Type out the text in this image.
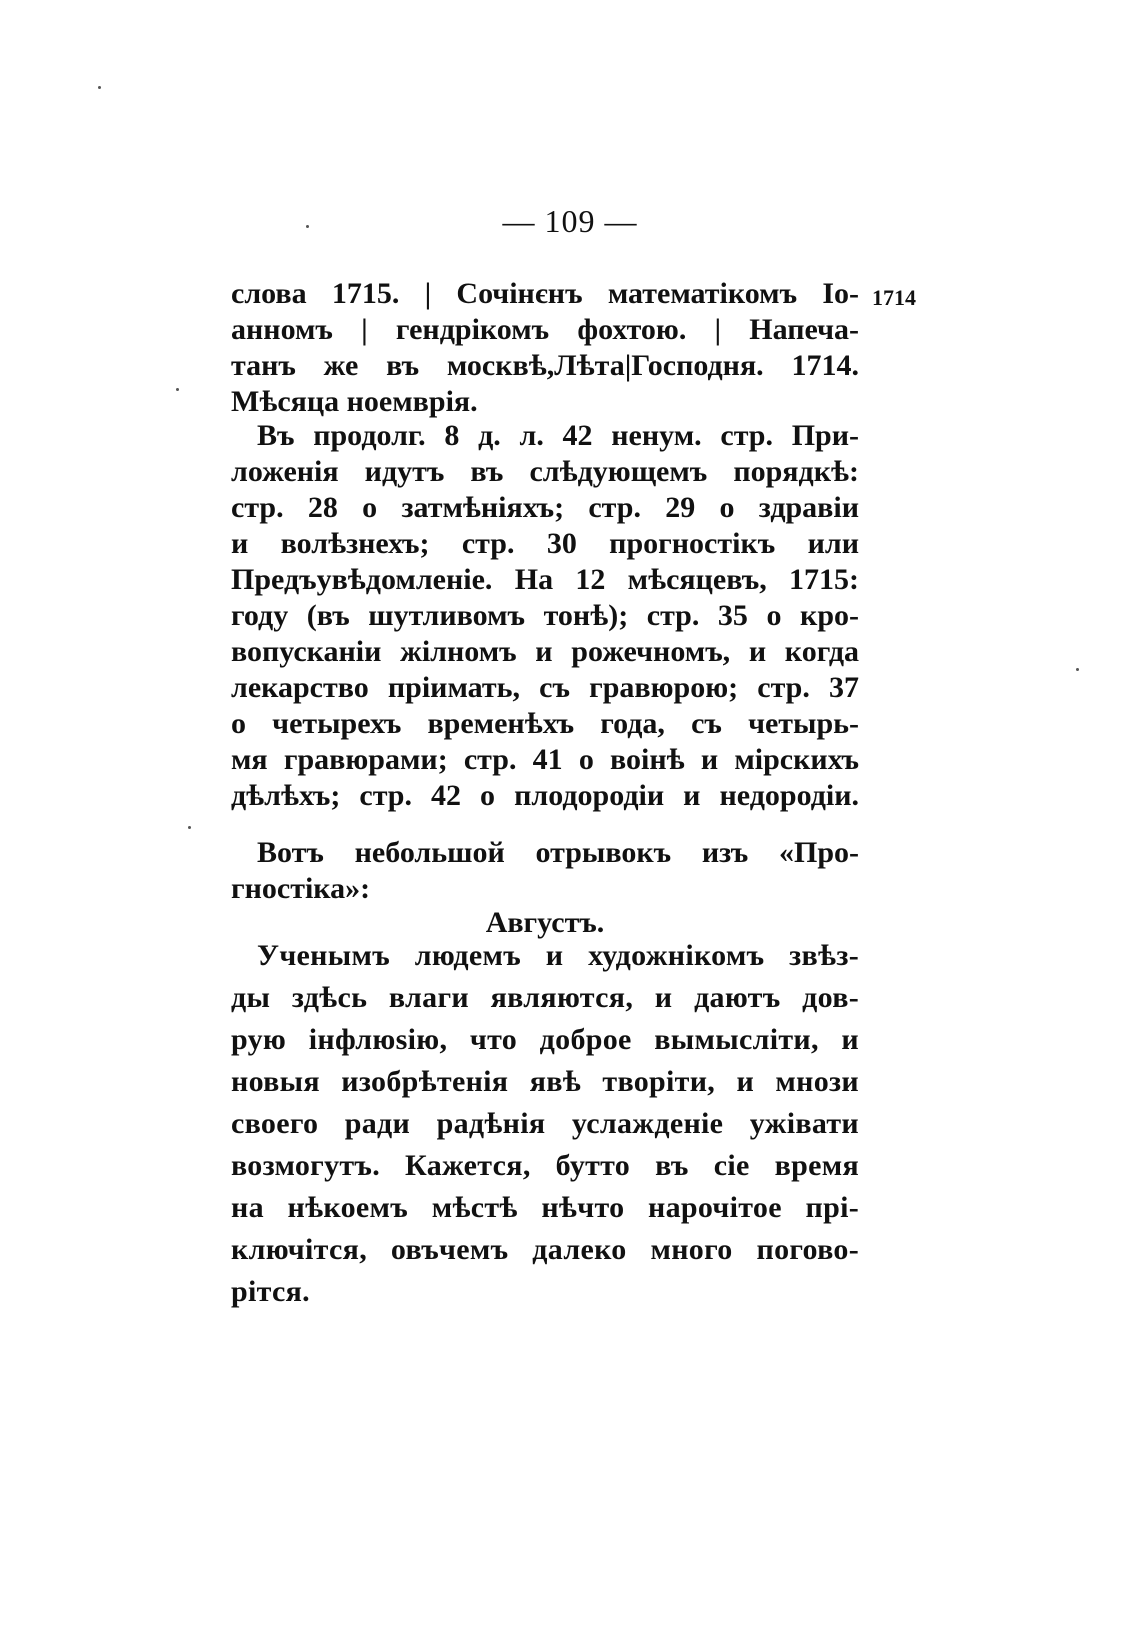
— 109 —
1714
слова 1715. | Сочінєнъ математікомъ Іо-
анномъ | гендрікомъ фохтою. | Напеча-
танъ же въ москвѣ,Лѣта|Господня. 1714.
Мѣсяца ноемврія.
Въ продолг. 8 д. л. 42 ненум. стр. При-
ложенія идутъ въ слѣдующемъ порядкѣ:
стр. 28 о затмѣніяхъ; стр. 29 о здравіи
и волѣзнехъ; стр. 30 прогностікъ или
Предъувѣдомленіе. На 12 мѣсяцевъ, 1715:
году (въ шутливомъ тонѣ); стр. 35 о кро-
вопусканіи жілномъ и рожечномъ, и когда
лекарство пріимать, съ гравюрою; стр. 37
о четырехъ временѣхъ года, съ четырь-
мя гравюрами; стр. 41 о воінѣ и мірскихъ
дѣлѣхъ; стр. 42 о плодородіи и недородіи.
Вотъ небольшой отрывокъ изъ «Про-
гностіка»:
Августъ.
Ученымъ людемъ и художнікомъ звѣз-
ды здѣсь влаги являются, и даютъ дов-
рую інфлюѕію, что доброе вымысліти, и
новыя изобрѣтенія явѣ творіти, и мнози
своего ради радѣнія услажденіе ужівати
возмогутъ. Кажется, бутто въ сіе время
на нѣкоемъ мѣстѣ нѣчто нарочітое прі-
ключітся, овъчемъ далеко много погово-
рітся.
